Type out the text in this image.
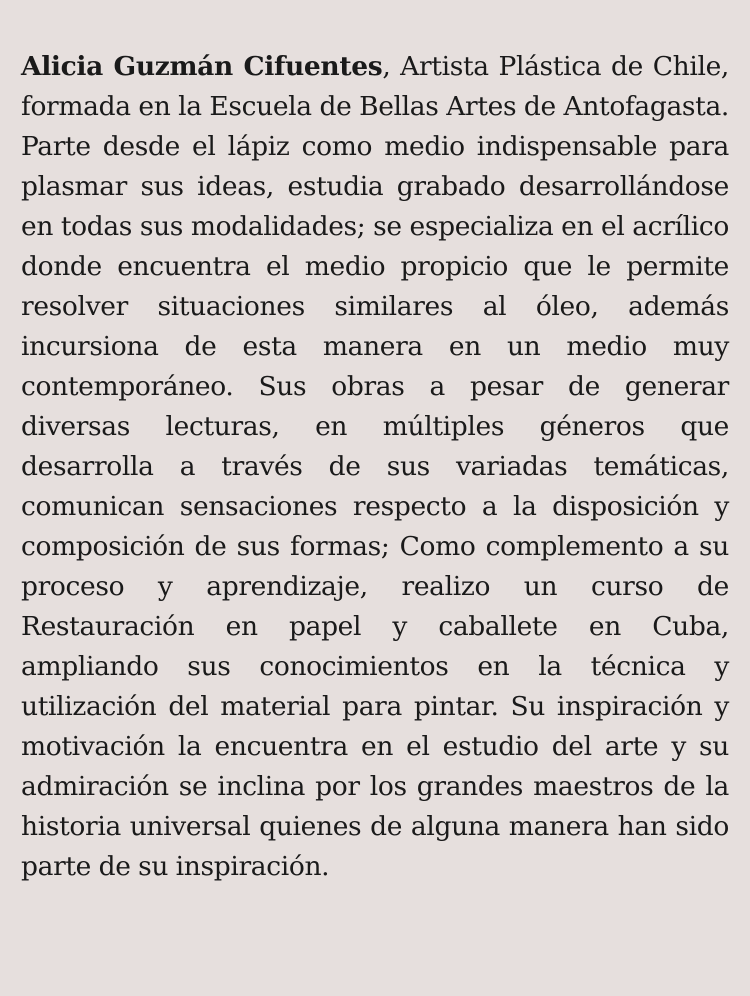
Alicia Guzmán Cifuentes, Artista Plástica de Chile, formada en la Escuela de Bellas Artes de Antofagasta. Parte desde el lápiz como medio indispensable para plasmar sus ideas, estudia grabado desarrollándose en todas sus modalidades; se especializa en el acrílico donde encuentra el medio propicio que le permite resolver situaciones similares al óleo, además incursiona de esta manera en un medio muy contemporáneo. Sus obras a pesar de generar diversas lecturas, en múltiples géneros que desarrolla a través de sus variadas temáticas, comunican sensaciones respecto a la disposición y composición de sus formas; Como complemento a su proceso y aprendizaje, realizo un curso de Restauración en papel y caballete en Cuba, ampliando sus conocimientos en la técnica y utilización del material para pintar. Su inspiración y motivación la encuentra en el estudio del arte y su admiración se inclina por los grandes maestros de la historia universal quienes de alguna manera han sido parte de su inspiración.
